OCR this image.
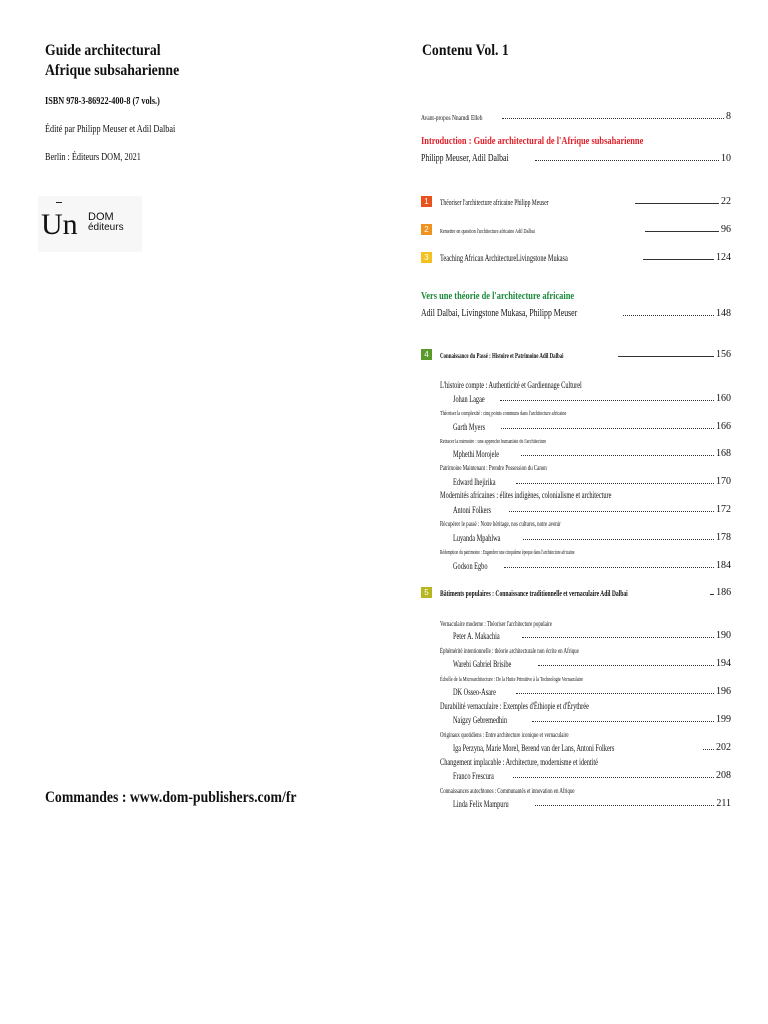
Guide architectural
Afrique subsaharienne
ISBN 978-3-86922-400-8 (7 vols.)
Édité par Philipp Meuser et Adil Dalbai
Berlin : Éditeurs DOM, 2021
Un DOM
éditeurs
Commandes : www.dom-publishers.com/fr
Contenu Vol. 1
Avant-propos Nnamdi Elleh	8
Introduction : Guide architectural de l'Afrique subsaharienne
Philipp Meuser, Adil Dalbai	10
1	Théoriser l'architecture africaine Philipp Meuser	22
2	Remettre en question l'architecture africaine Adil Dalbai	96
3	Teaching African ArchitectureLivingstone Mukasa	124
Vers une théorie de l'architecture africaine
Adil Dalbai, Livingstone Mukasa, Philipp Meuser	148
4	Connaissance du Passé : Histoire et Patrimoine Adil Dalbai	156
5	Bâtiments populaires : Connaissance traditionnelle et vernaculaire Adil Dalbai	186
L'histoire compte : Authenticité et Gardiennage Culturel
Johan Lagae	160
Théoriser la complexité : cinq points communs dans l'architecture africaine
Garth Myers	166
Retracer la mémoire : une approche humaniste de l'architecture
Mphethi Morojele	168
Patrimoine Maintenant : Prendre Possession du Canon
Edward Ihejirika	170
Modernités africaines : élites indigènes, colonialisme et architecture
Antoni Folkers	172
Récupérer le passé : Notre héritage, nos cultures, notre avenir
Luyanda Mpahlwa	178
Rédemption du patrimoine : Engendrer une cinquième époque dans l'architecture africaine
Godson Egbo	184
Vernaculaire moderne : Théoriser l'architecture populaire
Peter A. Makachia	190
Éphémérité intentionnelle : théorie architecturale non écrite en Afrique
Warebi Gabriel Brisibe	194
Échelle de la Microarchitecture : De la Hutte Primitive à la Technologie Vernaculaire
DK Osseo-Asare	196
Durabilité vernaculaire : Exemples d'Éthiopie et d'Érythrée
Naigzy Gebremedhin	199
Originaux quotidiens : Entre architecture iconique et vernaculaire
Iga Perzyna, Marie Morel, Berend van der Lans, Antoni Folkers	202
Changement implacable : Architecture, modernisme et identité
Franco Frescura	208
Connaissances autochtones : Communautés et innovation en Afrique
Linda Felix Mampuru	211
